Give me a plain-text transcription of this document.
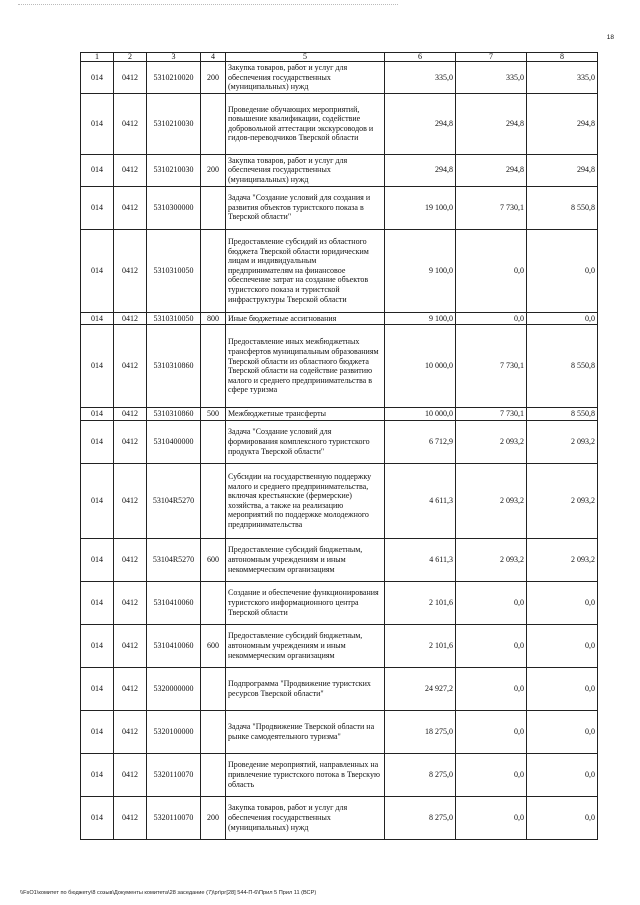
18
1	2	3	4	5	6	7	8
014	0412	5310210020	200	Закупка товаров, работ и услуг для обеспечения государственных (муниципальных) нужд	335,0	335,0	335,0
014	0412	5310210030		Проведение обучающих мероприятий, повышение квалификации, содействие добровольной аттестации экскурсоводов и гидов-переводчиков Тверской области	294,8	294,8	294,8
014	0412	5310210030	200	Закупка товаров, работ и услуг для обеспечения государственных (муниципальных) нужд	294,8	294,8	294,8
014	0412	5310300000		Задача "Создание условий для создания и развития объектов туристского показа в Тверской области"	19 100,0	7 730,1	8 550,8
014	0412	5310310050		Предоставление субсидий из областного бюджета Тверской области юридическим лицам и индивидуальным предпринимателям на финансовое обеспечение затрат на создание объектов туристского показа и туристской инфраструктуры Тверской области	9 100,0	0,0	0,0
014	0412	5310310050	800	Иные бюджетные ассигнования	9 100,0	0,0	0,0
014	0412	5310310860		Предоставление иных межбюджетных трансфертов муниципальным образованиям Тверской области из областного бюджета Тверской области на содействие развитию малого и среднего предпринимательства в сфере туризма	10 000,0	7 730,1	8 550,8
014	0412	5310310860	500	Межбюджетные трансферты	10 000,0	7 730,1	8 550,8
014	0412	5310400000		Задача "Создание условий для формирования комплексного туристского продукта Тверской области"	6 712,9	2 093,2	2 093,2
014	0412	53104R5270		Субсидии на государственную поддержку малого и среднего предпринимательства, включая крестьянские (фермерские) хозяйства, а также на реализацию мероприятий по поддержке молодежного предпринимательства	4 611,3	2 093,2	2 093,2
014	0412	53104R5270	600	Предоставление субсидий бюджетным, автономным учреждениям и иным некоммерческим организациям	4 611,3	2 093,2	2 093,2
014	0412	5310410060		Создание и обеспечение функционирования туристского информационного центра Тверской области	2 101,6	0,0	0,0
014	0412	5310410060	600	Предоставление субсидий бюджетным, автономным учреждениям и иным некоммерческим организациям	2 101,6	0,0	0,0
014	0412	5320000000		Подпрограмма "Продвижение туристских ресурсов Тверской области"	24 927,2	0,0	0,0
014	0412	5320100000		Задача "Продвижение Тверской области на рынке самодеятельного туризма"	18 275,0	0,0	0,0
014	0412	5320110070		Проведение мероприятий, направленных на привлечение туристского потока в Тверскую область	8 275,0	0,0	0,0
014	0412	5320110070	200	Закупка товаров, работ и услуг для обеспечения государственных (муниципальных) нужд	8 275,0	0,0	0,0
\\FsO1\комитет по бюджету\8 созыв\Документы комитета\28 заседание (7)\рг\рг[28] 544-П-6\Прил 5 Прил 11 (ВСР)
